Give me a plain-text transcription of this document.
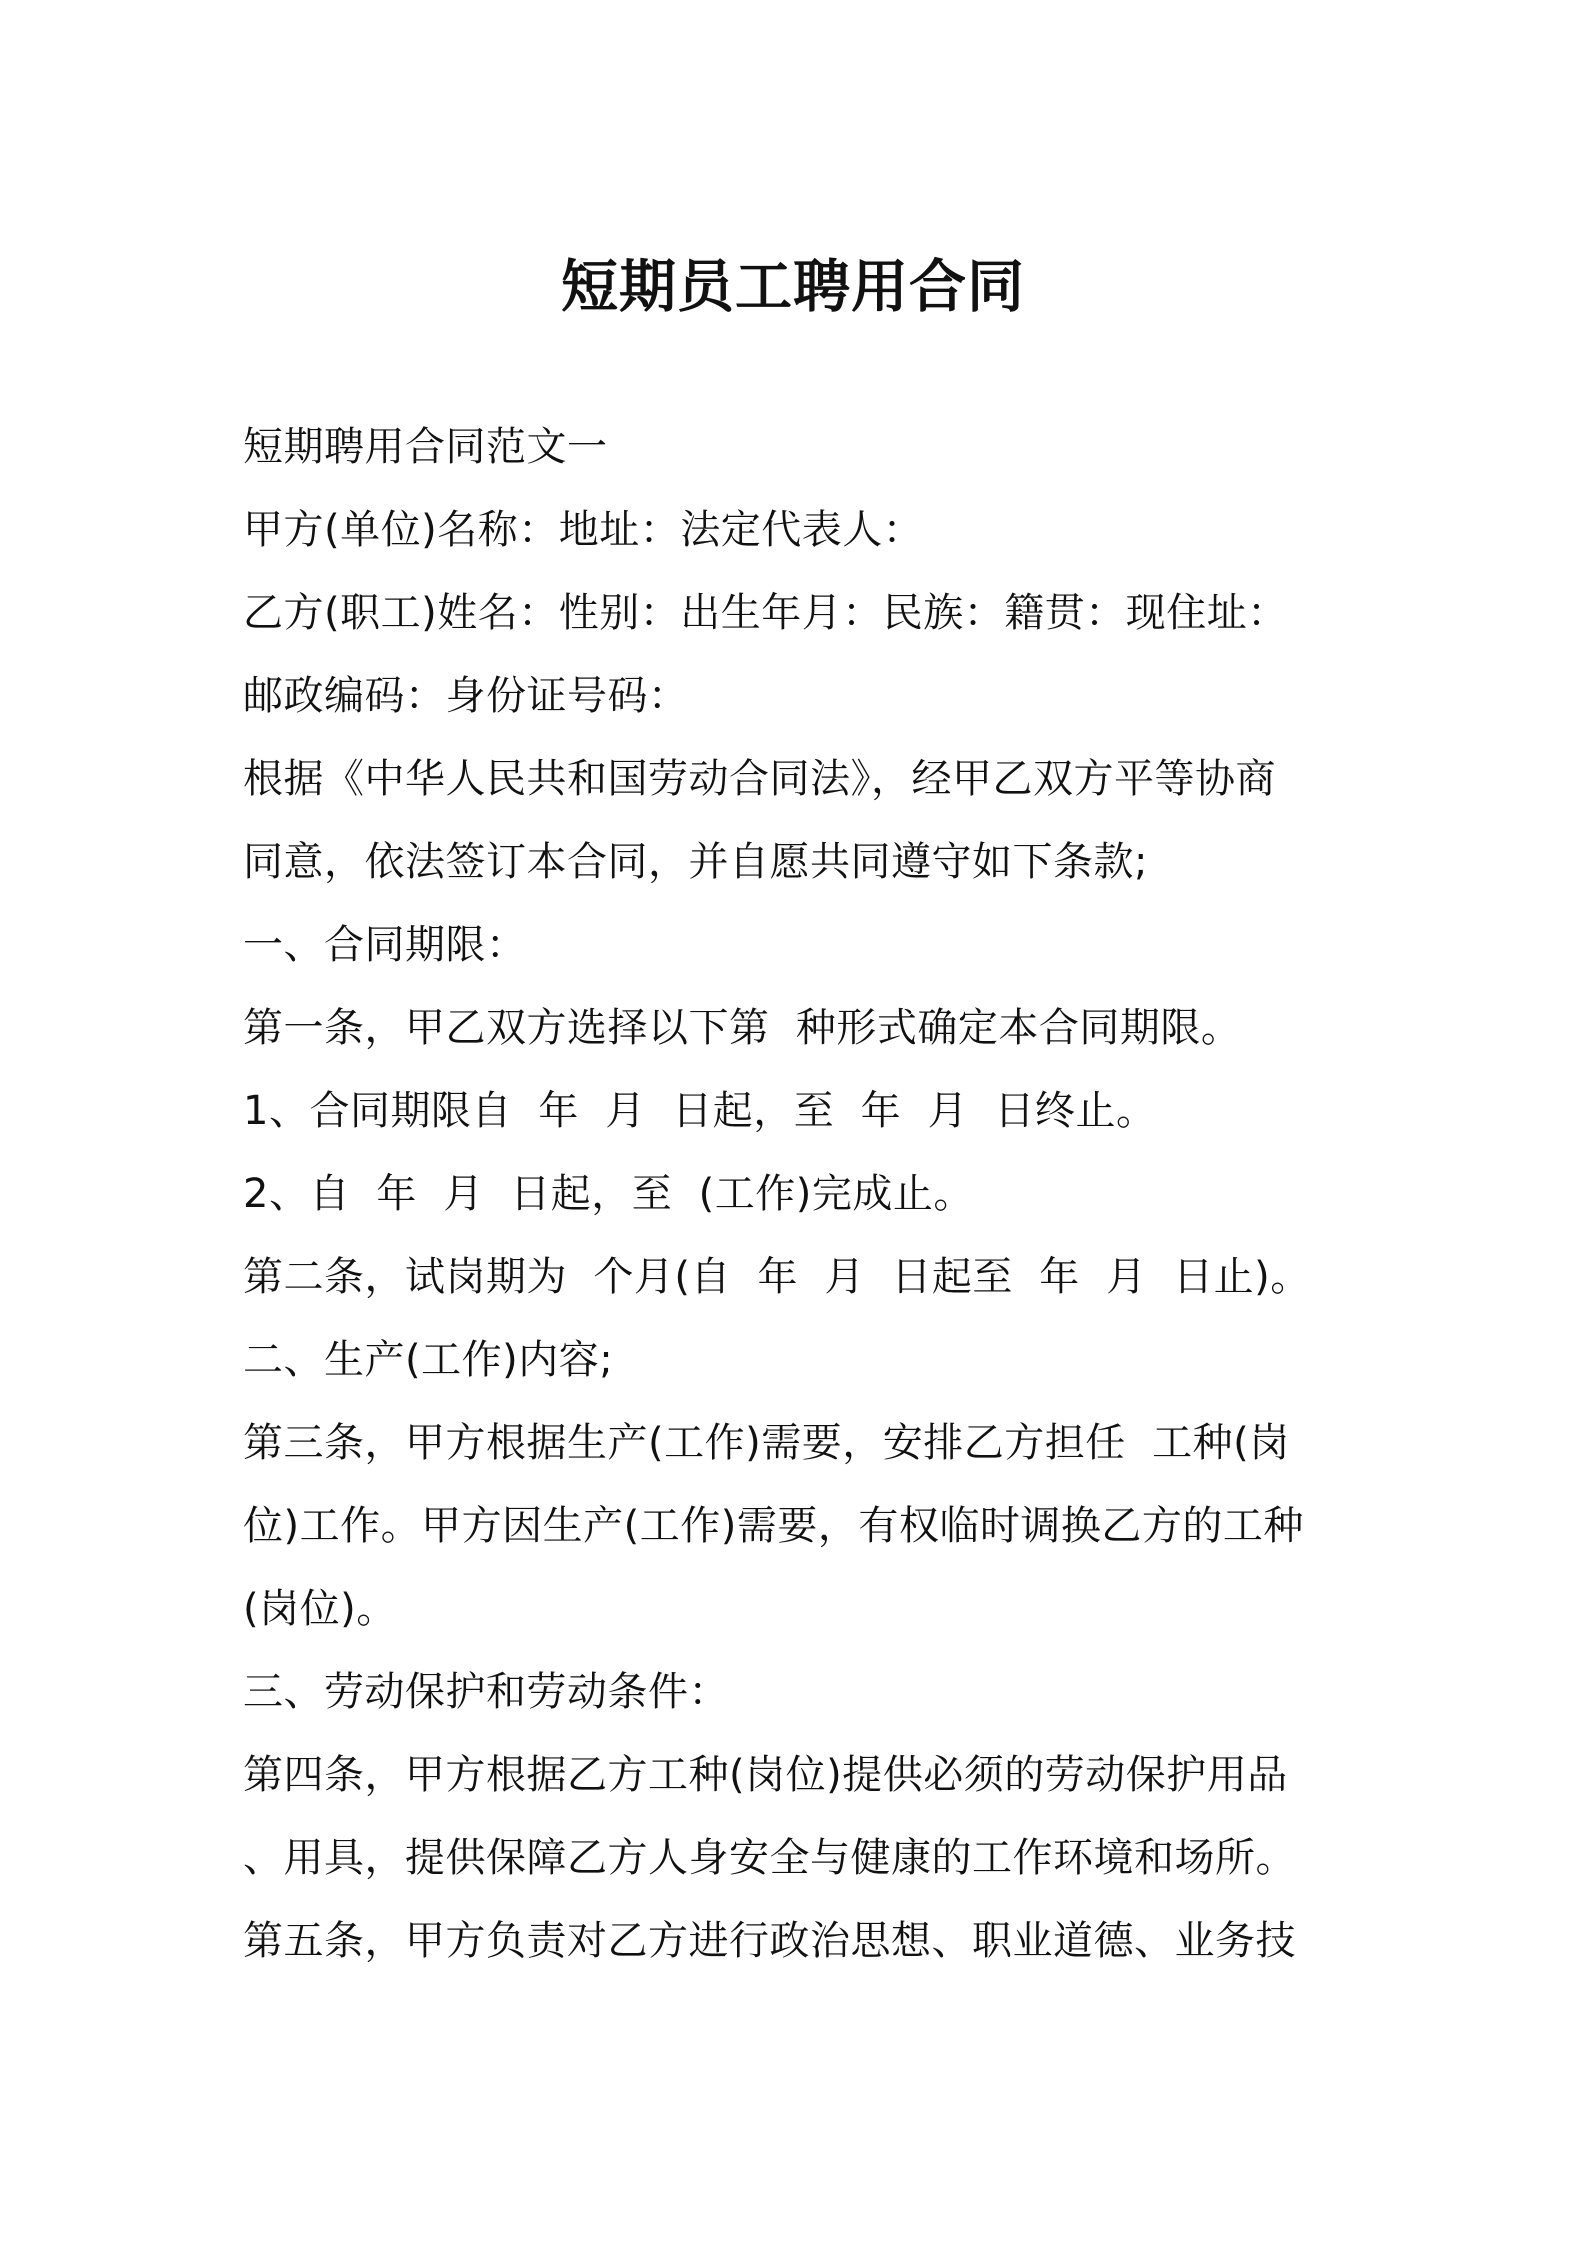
短期员工聘用合同
短期聘用合同范文一
甲方(单位)名称：地址：法定代表人：
乙方(职工)姓名：性别：出生年月：民族：籍贯：现住址：
邮政编码：身份证号码：
根据《中华人民共和国劳动合同法》，经甲乙双方平等协商
同意，依法签订本合同，并自愿共同遵守如下条款;
一、合同期限：
第一条，甲乙双方选择以下第  种形式确定本合同期限。
1、合同期限自  年  月  日起，至  年  月  日终止。
2、自  年  月  日起，至  (工作)完成止。
第二条，试岗期为  个月(自  年  月  日起至  年  月  日止)。
二、生产(工作)内容;
第三条，甲方根据生产(工作)需要，安排乙方担任  工种(岗
位)工作。甲方因生产(工作)需要，有权临时调换乙方的工种
(岗位)。
三、劳动保护和劳动条件：
第四条，甲方根据乙方工种(岗位)提供必须的劳动保护用品
、用具，提供保障乙方人身安全与健康的工作环境和场所。
第五条，甲方负责对乙方进行政治思想、职业道德、业务技
